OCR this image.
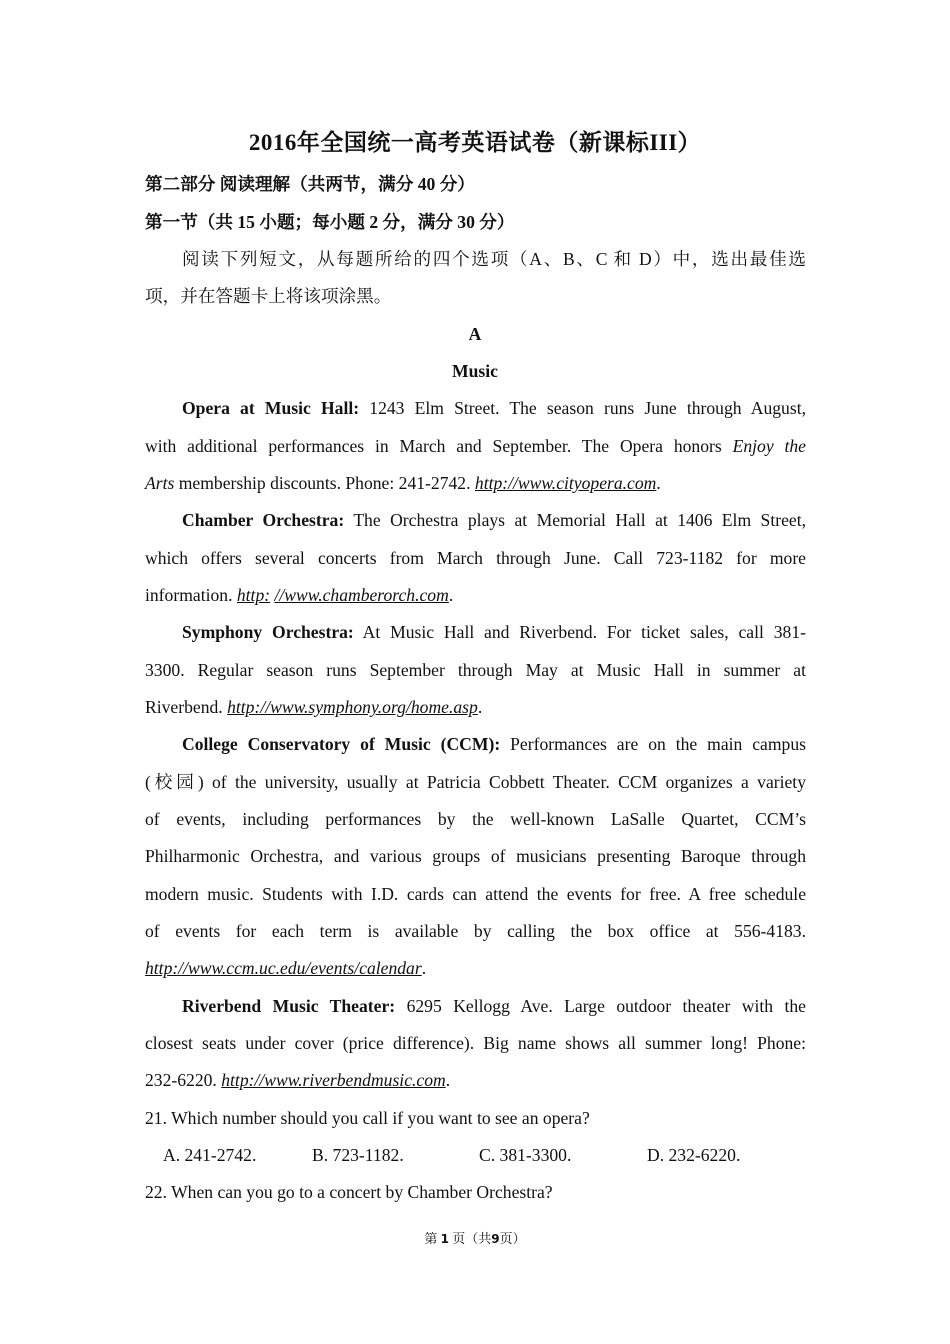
2016年全国统一高考英语试卷（新课标III）
第二部分 阅读理解（共两节，满分 40 分）
第一节（共 15 小题；每小题 2 分，满分 30 分）
阅读下列短文，从每题所给的四个选项（A、B、C 和 D）中，选出最佳选
项，并在答题卡上将该项涂黑。
A
Music
Opera at Music Hall: 1243 Elm Street. The season runs June through August,
with additional performances in March and September. The Opera honors Enjoy the
Arts membership discounts. Phone: 241-2742. http://www.cityopera.com.
Chamber Orchestra: The Orchestra plays at Memorial Hall at 1406 Elm Street,
which offers several concerts from March through June. Call 723-1182 for more
information. http: //www.chamberorch.com.
Symphony Orchestra: At Music Hall and Riverbend. For ticket sales, call 381-
3300. Regular season runs September through May at Music Hall in summer at
Riverbend. http://www.symphony.org/home.asp.
College Conservatory of Music (CCM): Performances are on the main campus
(校园) of the university, usually at Patricia Cobbett Theater. CCM organizes a variety
of events, including performances by the well-known LaSalle Quartet, CCM’s
Philharmonic Orchestra, and various groups of musicians presenting Baroque through
modern music. Students with I.D. cards can attend the events for free. A free schedule
of events for each term is available by calling the box office at 556-4183.
http://www.ccm.uc.edu/events/calendar.
Riverbend Music Theater: 6295 Kellogg Ave. Large outdoor theater with the
closest seats under cover (price difference). Big name shows all summer long! Phone:
232-6220. http://www.riverbendmusic.com.
21. Which number should you call if you want to see an opera?
A. 241-2742.	B. 723-1182.	C. 381-3300.	D. 232-6220.
22. When can you go to a concert by Chamber Orchestra?
第 1 页（共9页）
